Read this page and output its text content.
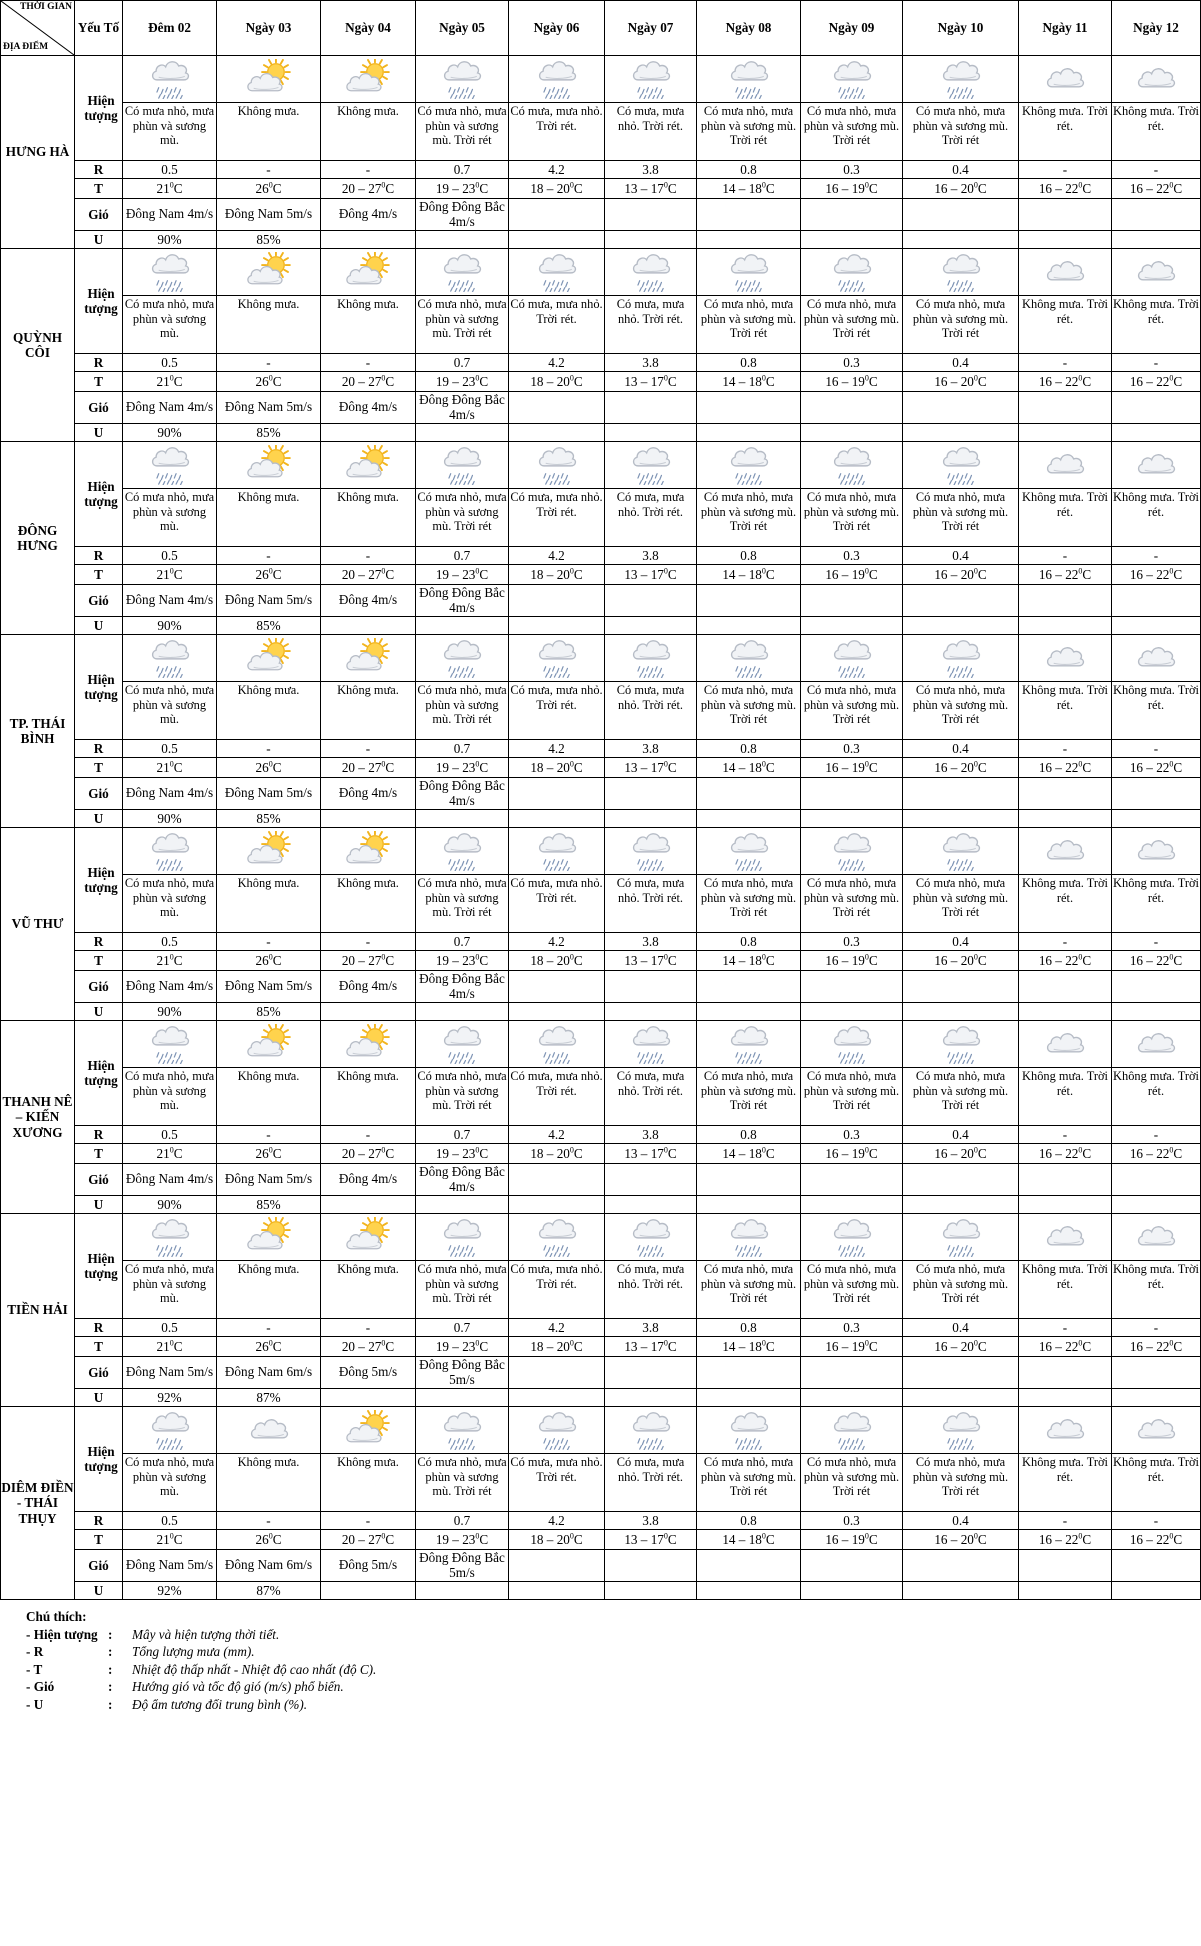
THỜI GIAN
ĐỊA ĐIỂM	Yếu Tố	Đêm 02	Ngày 03	Ngày 04	Ngày 05	Ngày 06	Ngày 07	Ngày 08	Ngày 09	Ngày 10	Ngày 11	Ngày 12
HƯNG HÀ	Hiện tượng	

		Có mưa nhỏ, mưa phùn và sương mù.	Không mưa.	Không mưa.	Có mưa nhỏ, mưa phùn và sương mù. Trời rét	Có mưa, mưa nhỏ. Trời rét.	Có mưa, mưa nhỏ. Trời rét.	Có mưa nhỏ, mưa phùn và sương mù. Trời rét	Có mưa nhỏ, mưa phùn và sương mù. Trời rét	Có mưa nhỏ, mưa phùn và sương mù. Trời rét	Không mưa. Trời rét.	Không mưa. Trời rét.
	R	0.5	-	-	0.7	4.2	3.8	0.8	0.3	0.4	-	-
	T	$21^0C$	$26^0C$	$20 - 27^0C$	$19 - 23^0C$	$18 - 20^0C$	$13 - 17^0C$	$14 - 18^0C$	$16 - 19^0C$	$16 - 20^0C$	$16 - 22^0C$	$16 - 22^0C$
	Gió	Đông Nam 4m/s	Đông Nam 5m/s	Đông 4m/s	Đông Đông Bắc 4m/s							
	U	90%	85%									
QUỲNH CÔI	Hiện tượng	

		Có mưa nhỏ, mưa phùn và sương mù.	Không mưa.	Không mưa.	Có mưa nhỏ, mưa phùn và sương mù. Trời rét	Có mưa, mưa nhỏ. Trời rét.	Có mưa, mưa nhỏ. Trời rét.	Có mưa nhỏ, mưa phùn và sương mù. Trời rét	Có mưa nhỏ, mưa phùn và sương mù. Trời rét	Có mưa nhỏ, mưa phùn và sương mù. Trời rét	Không mưa. Trời rét.	Không mưa. Trời rét.
	R	0.5	-	-	0.7	4.2	3.8	0.8	0.3	0.4	-	-
	T	$21^0C$	$26^0C$	$20 - 27^0C$	$19 - 23^0C$	$18 - 20^0C$	$13 - 17^0C$	$14 - 18^0C$	$16 - 19^0C$	$16 - 20^0C$	$16 - 22^0C$	$16 - 22^0C$
	Gió	Đông Nam 4m/s	Đông Nam 5m/s	Đông 4m/s	Đông Đông Bắc 4m/s							
	U	90%	85%									
ĐÔNG HƯNG	Hiện tượng	

		Có mưa nhỏ, mưa phùn và sương mù.	Không mưa.	Không mưa.	Có mưa nhỏ, mưa phùn và sương mù. Trời rét	Có mưa, mưa nhỏ. Trời rét.	Có mưa, mưa nhỏ. Trời rét.	Có mưa nhỏ, mưa phùn và sương mù. Trời rét	Có mưa nhỏ, mưa phùn và sương mù. Trời rét	Có mưa nhỏ, mưa phùn và sương mù. Trời rét	Không mưa. Trời rét.	Không mưa. Trời rét.
	R	0.5	-	-	0.7	4.2	3.8	0.8	0.3	0.4	-	-
	T	$21^0C$	$26^0C$	$20 - 27^0C$	$19 - 23^0C$	$18 - 20^0C$	$13 - 17^0C$	$14 - 18^0C$	$16 - 19^0C$	$16 - 20^0C$	$16 - 22^0C$	$16 - 22^0C$
	Gió	Đông Nam 4m/s	Đông Nam 5m/s	Đông 4m/s	Đông Đông Bắc 4m/s							
	U	90%	85%									
TP. THÁI BÌNH	Hiện tượng	

		Có mưa nhỏ, mưa phùn và sương mù.	Không mưa.	Không mưa.	Có mưa nhỏ, mưa phùn và sương mù. Trời rét	Có mưa, mưa nhỏ. Trời rét.	Có mưa, mưa nhỏ. Trời rét.	Có mưa nhỏ, mưa phùn và sương mù. Trời rét	Có mưa nhỏ, mưa phùn và sương mù. Trời rét	Có mưa nhỏ, mưa phùn và sương mù. Trời rét	Không mưa. Trời rét.	Không mưa. Trời rét.
	R	0.5	-	-	0.7	4.2	3.8	0.8	0.3	0.4	-	-
	T	$21^0C$	$26^0C$	$20 - 27^0C$	$19 - 23^0C$	$18 - 20^0C$	$13 - 17^0C$	$14 - 18^0C$	$16 - 19^0C$	$16 - 20^0C$	$16 - 22^0C$	$16 - 22^0C$
	Gió	Đông Nam 4m/s	Đông Nam 5m/s	Đông 4m/s	Đông Đông Bắc 4m/s							
	U	90%	85%									
VŨ THƯ	Hiện tượng	

		Có mưa nhỏ, mưa phùn và sương mù.	Không mưa.	Không mưa.	Có mưa nhỏ, mưa phùn và sương mù. Trời rét	Có mưa, mưa nhỏ. Trời rét.	Có mưa, mưa nhỏ. Trời rét.	Có mưa nhỏ, mưa phùn và sương mù. Trời rét	Có mưa nhỏ, mưa phùn và sương mù. Trời rét	Có mưa nhỏ, mưa phùn và sương mù. Trời rét	Không mưa. Trời rét.	Không mưa. Trời rét.
	R	0.5	-	-	0.7	4.2	3.8	0.8	0.3	0.4	-	-
	T	$21^0C$	$26^0C$	$20 - 27^0C$	$19 - 23^0C$	$18 - 20^0C$	$13 - 17^0C$	$14 - 18^0C$	$16 - 19^0C$	$16 - 20^0C$	$16 - 22^0C$	$16 - 22^0C$
	Gió	Đông Nam 4m/s	Đông Nam 5m/s	Đông 4m/s	Đông Đông Bắc 4m/s							
	U	90%	85%									
THANH NÊ – KIẾN XƯƠNG	Hiện tượng	

		Có mưa nhỏ, mưa phùn và sương mù.	Không mưa.	Không mưa.	Có mưa nhỏ, mưa phùn và sương mù. Trời rét	Có mưa, mưa nhỏ. Trời rét.	Có mưa, mưa nhỏ. Trời rét.	Có mưa nhỏ, mưa phùn và sương mù. Trời rét	Có mưa nhỏ, mưa phùn và sương mù. Trời rét	Có mưa nhỏ, mưa phùn và sương mù. Trời rét	Không mưa. Trời rét.	Không mưa. Trời rét.
	R	0.5	-	-	0.7	4.2	3.8	0.8	0.3	0.4	-	-
	T	$21^0C$	$26^0C$	$20 - 27^0C$	$19 - 23^0C$	$18 - 20^0C$	$13 - 17^0C$	$14 - 18^0C$	$16 - 19^0C$	$16 - 20^0C$	$16 - 22^0C$	$16 - 22^0C$
	Gió	Đông Nam 4m/s	Đông Nam 5m/s	Đông 4m/s	Đông Đông Bắc 4m/s							
	U	90%	85%									
TIỀN HẢI	Hiện tượng	

		Có mưa nhỏ, mưa phùn và sương mù.	Không mưa.	Không mưa.	Có mưa nhỏ, mưa phùn và sương mù. Trời rét	Có mưa, mưa nhỏ. Trời rét.	Có mưa, mưa nhỏ. Trời rét.	Có mưa nhỏ, mưa phùn và sương mù. Trời rét	Có mưa nhỏ, mưa phùn và sương mù. Trời rét	Có mưa nhỏ, mưa phùn và sương mù. Trời rét	Không mưa. Trời rét.	Không mưa. Trời rét.
	R	0.5	-	-	0.7	4.2	3.8	0.8	0.3	0.4	-	-
	T	$21^0C$	$26^0C$	$20 - 27^0C$	$19 - 23^0C$	$18 - 20^0C$	$13 - 17^0C$	$14 - 18^0C$	$16 - 19^0C$	$16 - 20^0C$	$16 - 22^0C$	$16 - 22^0C$
	Gió	Đông Nam 5m/s	Đông Nam 6m/s	Đông 5m/s	Đông Đông Bắc 5m/s							
	U	92%	87%									
DIÊM ĐIỀN - THÁI THỤY	Hiện tượng	

		Có mưa nhỏ, mưa phùn và sương mù.	Không mưa.	Không mưa.	Có mưa nhỏ, mưa phùn và sương mù. Trời rét	Có mưa, mưa nhỏ. Trời rét.	Có mưa, mưa nhỏ. Trời rét.	Có mưa nhỏ, mưa phùn và sương mù. Trời rét	Có mưa nhỏ, mưa phùn và sương mù. Trời rét	Có mưa nhỏ, mưa phùn và sương mù. Trời rét	Không mưa. Trời rét.	Không mưa. Trời rét.
	R	0.5	-	-	0.7	4.2	3.8	0.8	0.3	0.4	-	-
	T	$21^0C$	$26^0C$	$20 - 27^0C$	$19 - 23^0C$	$18 - 20^0C$	$13 - 17^0C$	$14 - 18^0C$	$16 - 19^0C$	$16 - 20^0C$	$16 - 22^0C$	$16 - 22^0C$
	Gió	Đông Nam 5m/s	Đông Nam 6m/s	Đông 5m/s	Đông Đông Bắc 5m/s							
	U	92%	87%									
Chú thích:
- Hiện tượng :	Mây và hiện tượng thời tiết.
- R	:	Tổng lượng mưa (mm).
- T	:	Nhiệt độ thấp nhất - Nhiệt độ cao nhất (độ C).
- Gió	:	Hướng gió và tốc độ gió (m/s) phổ biến.
- U	:	Độ ẩm tương đối trung bình (%).
